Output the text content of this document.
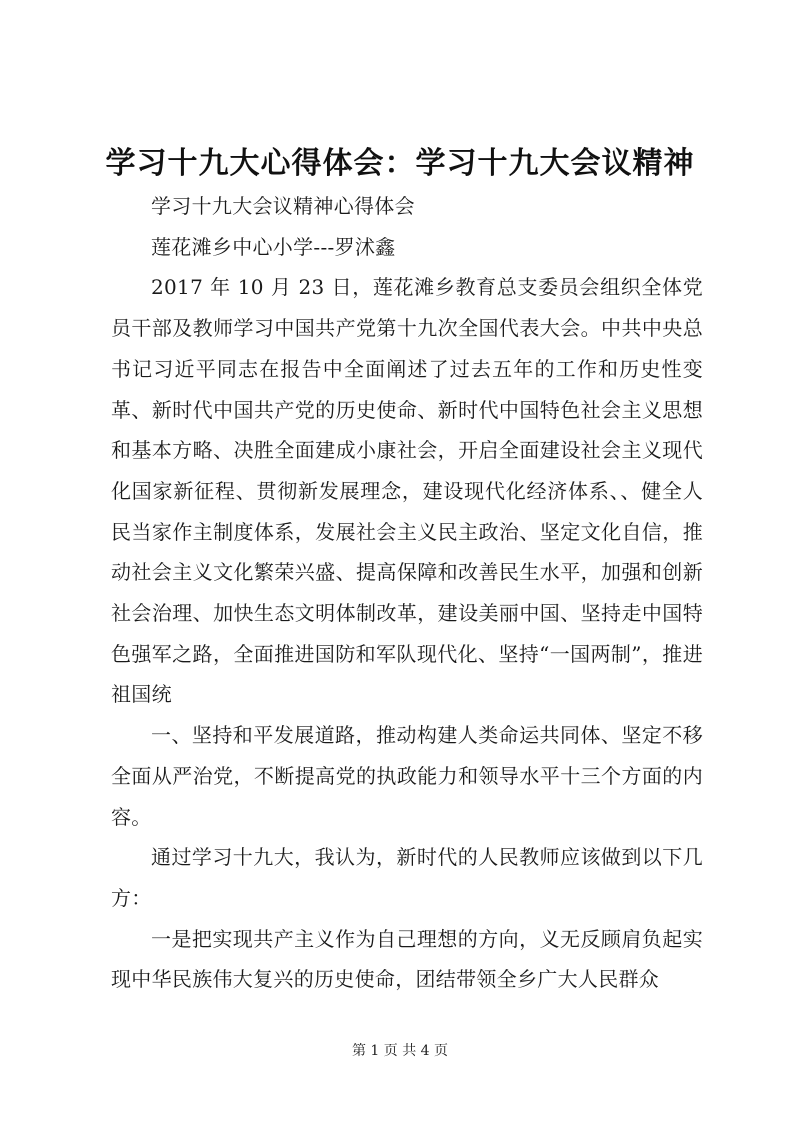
学习十九大心得体会：学习十九大会议精神

学习十九大会议精神心得体会

莲花滩乡中心小学---罗沭鑫

2017 年 10 月 23 日，莲花滩乡教育总支委员会组织全体党员干部及教师学习中国共产党第十九次全国代表大会。中共中央总书记习近平同志在报告中全面阐述了过去五年的工作和历史性变革、新时代中国共产党的历史使命、新时代中国特色社会主义思想和基本方略、决胜全面建成小康社会，开启全面建设社会主义现代化国家新征程、贯彻新发展理念，建设现代化经济体系、、健全人民当家作主制度体系，发展社会主义民主政治、坚定文化自信，推动社会主义文化繁荣兴盛、提高保障和改善民生水平，加强和创新社会治理、加快生态文明体制改革，建设美丽中国、坚持走中国特色强军之路，全面推进国防和军队现代化、坚持“一国两制”，推进祖国统

一、坚持和平发展道路，推动构建人类命运共同体、坚定不移全面从严治党，不断提高党的执政能力和领导水平十三个方面的内容。

通过学习十九大，我认为，新时代的人民教师应该做到以下几方：

一是把实现共产主义作为自己理想的方向，义无反顾肩负起实现中华民族伟大复兴的历史使命，团结带领全乡广大人民群众

第 1 页 共 4 页
